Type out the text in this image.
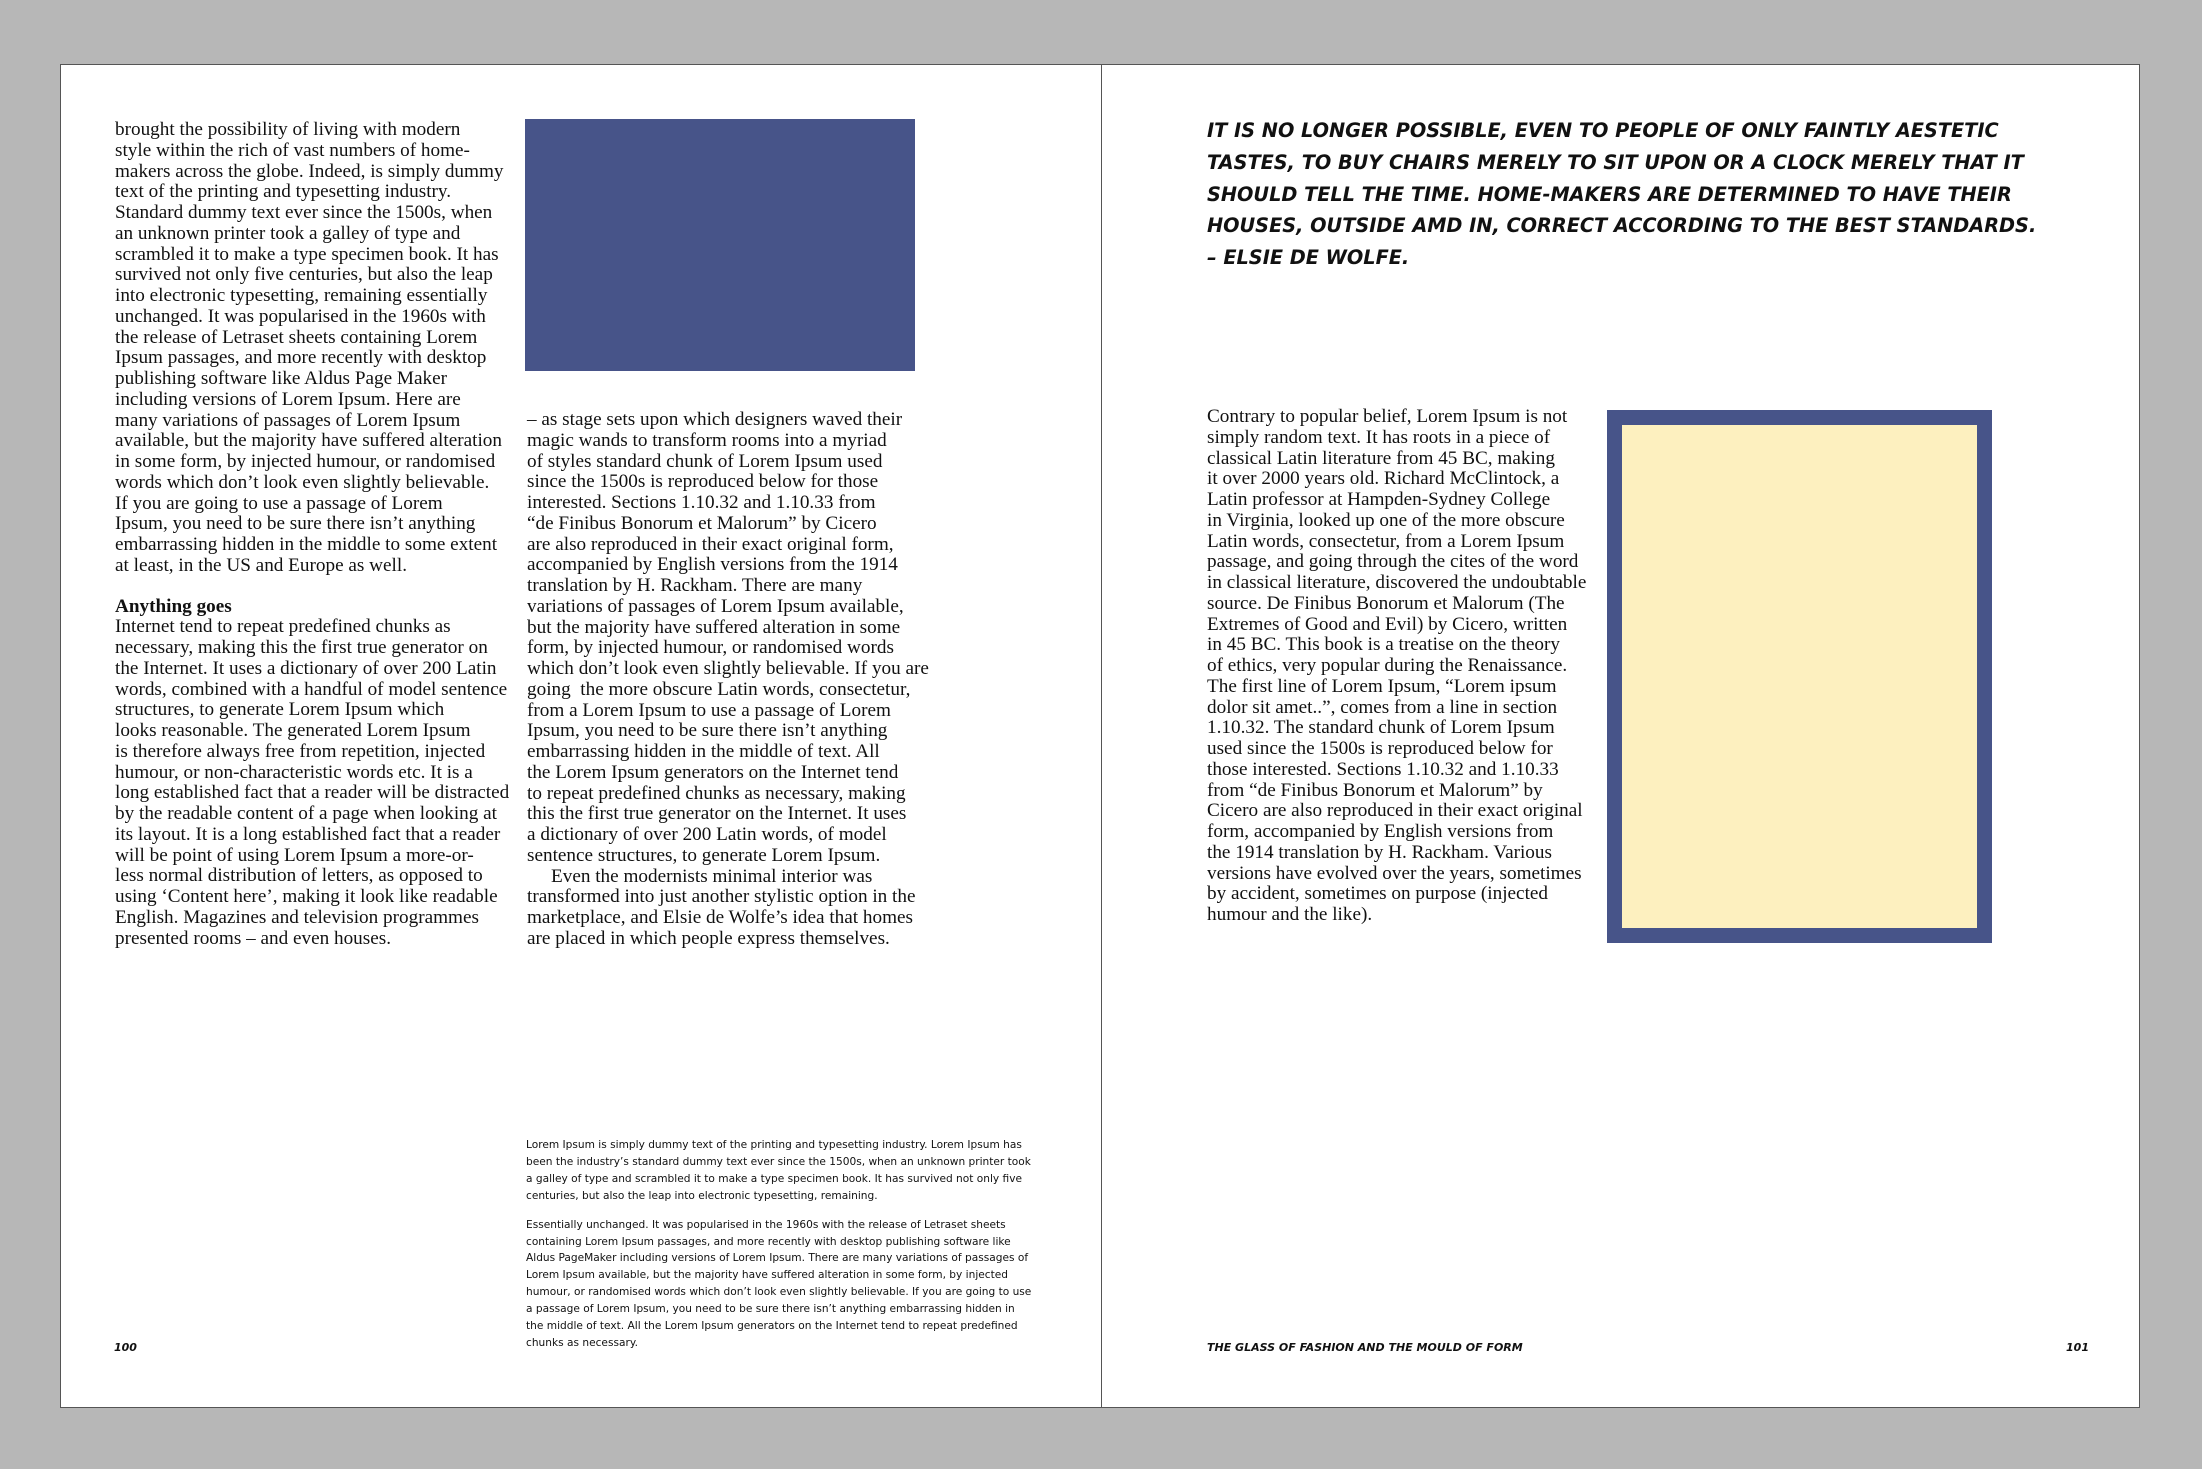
brought the possibility of living with modern
style within the rich of vast numbers of home-
makers across the globe. Indeed, is simply dummy
text of the printing and typesetting industry.
Standard dummy text ever since the 1500s, when
an unknown printer took a galley of type and
scrambled it to make a type specimen book. It has
survived not only five centuries, but also the leap
into electronic typesetting, remaining essentially
unchanged. It was popularised in the 1960s with
the release of Letraset sheets containing Lorem
Ipsum passages, and more recently with desktop
publishing software like Aldus Page Maker
including versions of Lorem Ipsum. Here are
many variations of passages of Lorem Ipsum
available, but the majority have suffered alteration
in some form, by injected humour, or randomised
words which don’t look even slightly believable.
If you are going to use a passage of Lorem
Ipsum, you need to be sure there isn’t anything
embarrassing hidden in the middle to some extent
at least, in the US and Europe as well.

Anything goes

Internet tend to repeat predefined chunks as
necessary, making this the first true generator on
the Internet. It uses a dictionary of over 200 Latin
words, combined with a handful of model sentence
structures, to generate Lorem Ipsum which
looks reasonable. The generated Lorem Ipsum
is therefore always free from repetition, injected
humour, or non-characteristic words etc. It is a
long established fact that a reader will be distracted
by the readable content of a page when looking at
its layout. It is a long established fact that a reader
will be point of using Lorem Ipsum a more-or-
less normal distribution of letters, as opposed to
using ‘Content here’, making it look like readable
English. Magazines and television programmes
presented rooms – and even houses.

– as stage sets upon which designers waved their
magic wands to transform rooms into a myriad
of styles standard chunk of Lorem Ipsum used
since the 1500s is reproduced below for those
interested. Sections 1.10.32 and 1.10.33 from
“de Finibus Bonorum et Malorum” by Cicero
are also reproduced in their exact original form,
accompanied by English versions from the 1914
translation by H. Rackham. There are many
variations of passages of Lorem Ipsum available,
but the majority have suffered alteration in some
form, by injected humour, or randomised words
which don’t look even slightly believable. If you are
going  the more obscure Latin words, consectetur,
from a Lorem Ipsum to use a passage of Lorem
Ipsum, you need to be sure there isn’t anything
embarrassing hidden in the middle of text. All
the Lorem Ipsum generators on the Internet tend
to repeat predefined chunks as necessary, making
this the first true generator on the Internet. It uses
a dictionary of over 200 Latin words, of model
sentence structures, to generate Lorem Ipsum.

Even the modernists minimal interior was
transformed into just another stylistic option in the
marketplace, and Elsie de Wolfe’s idea that homes
are placed in which people express themselves.

Lorem Ipsum is simply dummy text of the printing and typesetting industry. Lorem Ipsum has
been the industry’s standard dummy text ever since the 1500s, when an unknown printer took
a galley of type and scrambled it to make a type specimen book. It has survived not only five
centuries, but also the leap into electronic typesetting, remaining.

Essentially unchanged. It was popularised in the 1960s with the release of Letraset sheets
containing Lorem Ipsum passages, and more recently with desktop publishing software like
Aldus PageMaker including versions of Lorem Ipsum. There are many variations of passages of
Lorem Ipsum available, but the majority have suffered alteration in some form, by injected
humour, or randomised words which don’t look even slightly believable. If you are going to use
a passage of Lorem Ipsum, you need to be sure there isn’t anything embarrassing hidden in
the middle of text. All the Lorem Ipsum generators on the Internet tend to repeat predefined
chunks as necessary.

100

IT IS NO LONGER POSSIBLE, EVEN TO PEOPLE OF ONLY FAINTLY AESTETIC
TASTES, TO BUY CHAIRS MERELY TO SIT UPON OR A CLOCK MERELY THAT IT
SHOULD TELL THE TIME. HOME-MAKERS ARE DETERMINED TO HAVE THEIR
HOUSES, OUTSIDE AMD IN, CORRECT ACCORDING TO THE BEST STANDARDS.
– ELSIE DE WOLFE.

Contrary to popular belief, Lorem Ipsum is not
simply random text. It has roots in a piece of
classical Latin literature from 45 BC, making
it over 2000 years old. Richard McClintock, a
Latin professor at Hampden-Sydney College
in Virginia, looked up one of the more obscure
Latin words, consectetur, from a Lorem Ipsum
passage, and going through the cites of the word
in classical literature, discovered the undoubtable
source. De Finibus Bonorum et Malorum (The
Extremes of Good and Evil) by Cicero, written
in 45 BC. This book is a treatise on the theory
of ethics, very popular during the Renaissance.
The first line of Lorem Ipsum, “Lorem ipsum
dolor sit amet..”, comes from a line in section
1.10.32. The standard chunk of Lorem Ipsum
used since the 1500s is reproduced below for
those interested. Sections 1.10.32 and 1.10.33
from “de Finibus Bonorum et Malorum” by
Cicero are also reproduced in their exact original
form, accompanied by English versions from
the 1914 translation by H. Rackham. Various
versions have evolved over the years, sometimes
by accident, sometimes on purpose (injected
humour and the like).

THE GLASS OF FASHION AND THE MOULD OF FORM	101
